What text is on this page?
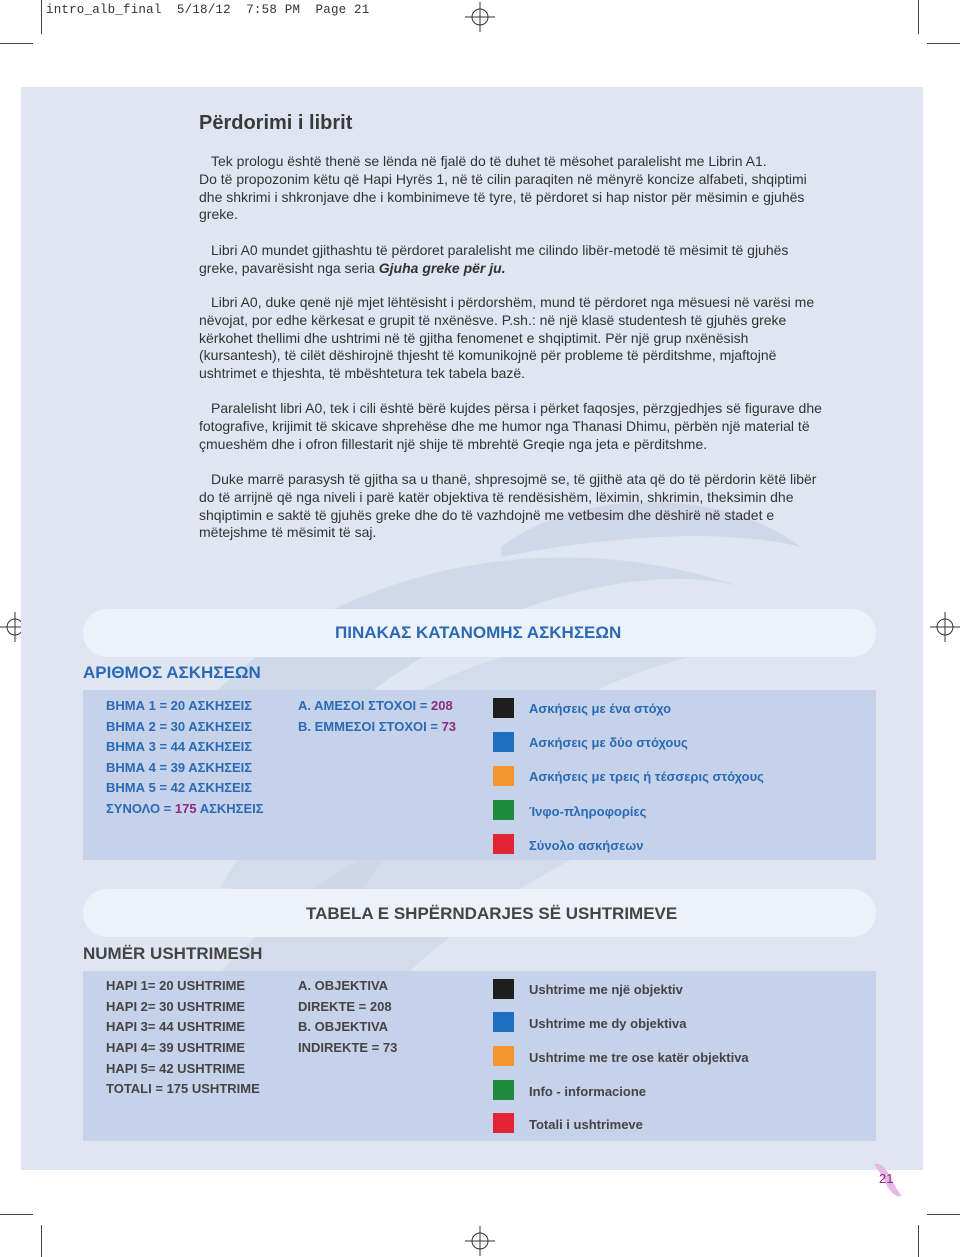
intro_alb_final  5/18/12  7:58 PM  Page 21
Përdorimi i librit
Tek prologu është thenë se lënda në fjalë do të duhet të mësohet paralelisht me Librin A1.
Do të propozonim këtu që Hapi Hyrës 1, në të cilin paraqiten në mënyrë koncize alfabeti, shqiptimi
dhe shkrimi i shkronjave dhe i kombinimeve të tyre, të përdoret si hap nistor për mësimin e gjuhës
greke.
Libri A0 mundet gjithashtu të përdoret paralelisht me cilindo libër-metodë të mësimit të gjuhës
greke, pavarësisht nga seria Gjuha greke për ju.
Libri A0, duke qenë një mjet lëhtësisht i përdorshëm, mund të përdoret nga mësuesi në varësi me
nëvojat, por edhe kërkesat e grupit të nxënësve. P.sh.: në një klasë studentesh të gjuhës greke
kërkohet thellimi dhe ushtrimi në të gjitha fenomenet e shqiptimit. Për një grup nxënësish
(kursantesh), të cilët dëshirojnë thjesht të komunikojnë për probleme të përditshme, mjaftojnë
ushtrimet e thjeshta, të mbështetura tek tabela bazë.
Paralelisht libri A0, tek i cili është bërë kujdes përsa i përket faqosjes, përzgjedhjes së figurave dhe
fotografive, krijimit të skicave shprehëse dhe me humor nga Thanasi Dhimu, përbën një material të
çmueshëm dhe i ofron fillestarit një shije të mbrehtë Greqie nga jeta e përditshme.
Duke marrë parasysh të gjitha sa u thanë, shpresojmë se, të gjithë ata që do të përdorin këtë libër
do të arrijnë që nga niveli i parë katër objektiva të rendësishëm, lëximin, shkrimin, theksimin dhe
shqiptimin e saktë të gjuhës greke dhe do të vazhdojnë me vetbesim dhe dëshirë në stadet e
mëtejshme të mësimit të saj.
ΠΙΝΑΚΑΣ ΚΑΤΑΝΟΜΗΣ ΑΣΚΗΣΕΩΝ
ΑΡΙΘΜΟΣ ΑΣΚΗΣΕΩΝ
ΒΗΜΑ 1 = 20 ΑΣΚΗΣΕΙΣ
ΒΗΜΑ 2 = 30 ΑΣΚΗΣΕΙΣ
ΒΗΜΑ 3 = 44 ΑΣΚΗΣΕΙΣ
ΒΗΜΑ 4 = 39 ΑΣΚΗΣΕΙΣ
ΒΗΜΑ 5 = 42 ΑΣΚΗΣΕΙΣ
ΣΥΝΟΛΟ = 175 ΑΣΚΗΣΕΙΣ
Α. ΑΜΕΣΟΙ ΣΤΟΧΟΙ = 208
Β. ΕΜΜΕΣΟΙ ΣΤΟΧΟΙ = 73
Ασκήσεις με ένα στόχο
Ασκήσεις με δύο στόχους
Ασκήσεις με τρεις ή τέσσερις στόχους
Ίνφο-πληροφορίες
Σύνολο ασκήσεων
TABELA E SHPËRNDARJES SË USHTRIMEVE
NUMËR USHTRIMESH
HAPI 1= 20 USHTRIME
HAPI 2= 30 USHTRIME
HAPI 3= 44 USHTRIME
HAPI 4= 39 USHTRIME
HAPI 5= 42 USHTRIME
TOTALI = 175 USHTRIME
A. OBJEKTIVA
DIREKTE = 208
B. OBJEKTIVA
INDIREKTE = 73
Ushtrime me një objektiv
Ushtrime me dy objektiva
Ushtrime me tre ose katër objektiva
Info - informacione
Totali i ushtrimeve
21
